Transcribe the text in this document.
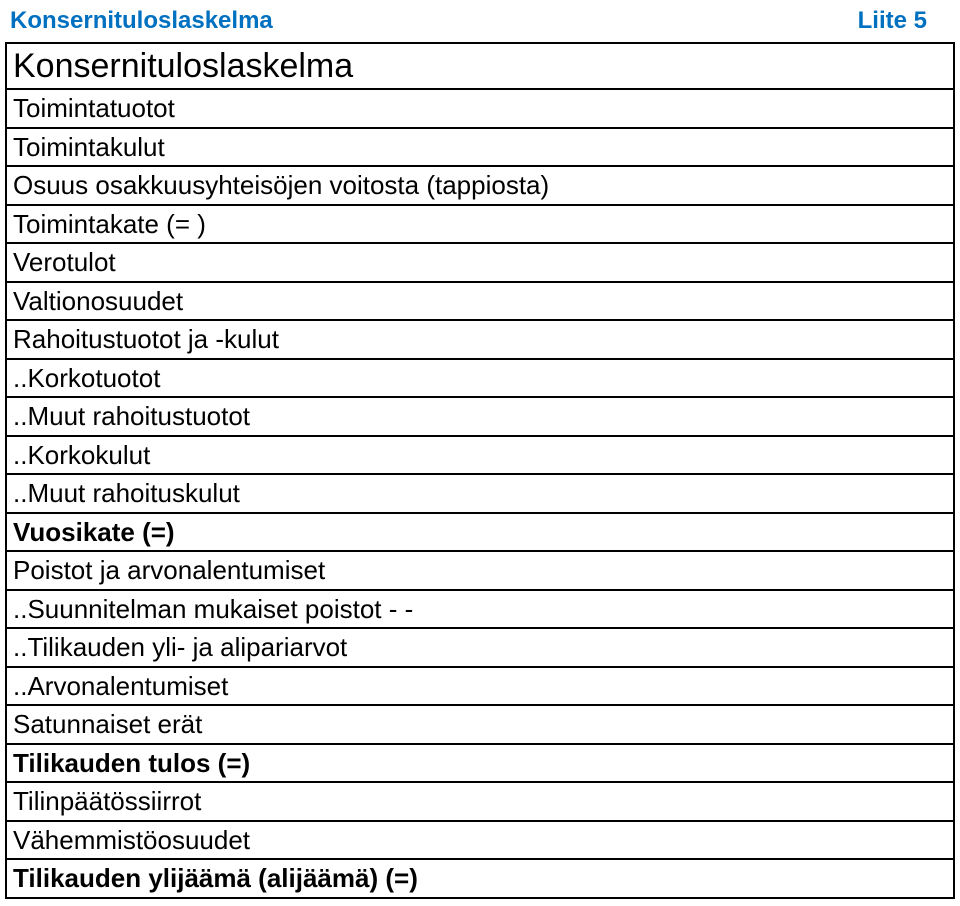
Konsernituloslaskelma	Liite 5
Konsernituloslaskelma
Toimintatuotot
Toimintakulut
Osuus osakkuusyhteisöjen voitosta (tappiosta)
Toimintakate (= )
Verotulot
Valtionosuudet
Rahoitustuotot ja -kulut
..Korkotuotot
..Muut rahoitustuotot
..Korkokulut
..Muut rahoituskulut
Vuosikate (=)
Poistot ja arvonalentumiset
..Suunnitelman mukaiset poistot - -
..Tilikauden yli- ja alipariarvot
..Arvonalentumiset
Satunnaiset erät
Tilikauden tulos (=)
Tilinpäätössiirrot
Vähemmistöosuudet
Tilikauden ylijäämä (alijäämä) (=)
